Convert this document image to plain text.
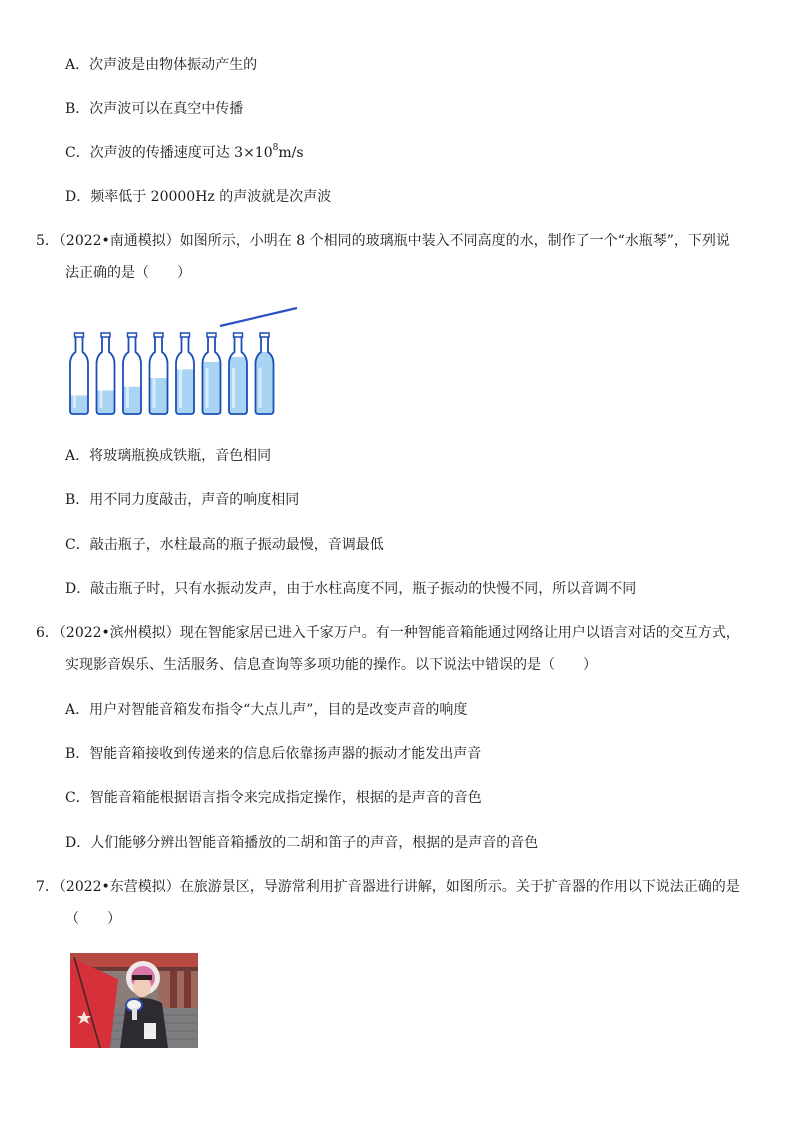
A．次声波是由物体振动产生的
B．次声波可以在真空中传播
C．次声波的传播速度可达 $3\times 10^8m/s$
D．频率低于 20000Hz 的声波就是次声波
5．（2022•南通模拟）如图所示，小明在 8 个相同的玻璃瓶中装入不同高度的水，制作了一个“水瓶琴”，下列说
法正确的是（　　）
A．将玻璃瓶换成铁瓶，音色相同
B．用不同力度敲击，声音的响度相同
C．敲击瓶子，水柱最高的瓶子振动最慢，音调最低
D．敲击瓶子时，只有水振动发声，由于水柱高度不同，瓶子振动的快慢不同，所以音调不同
6．（2022•滨州模拟）现在智能家居已进入千家万户。有一种智能音箱能通过网络让用户以语言对话的交互方式，
实现影音娱乐、生活服务、信息查询等多项功能的操作。以下说法中错误的是（　　）
A．用户对智能音箱发布指令“大点儿声”，目的是改变声音的响度
B．智能音箱接收到传递来的信息后依靠扬声器的振动才能发出声音
C．智能音箱能根据语言指令来完成指定操作，根据的是声音的音色
D．人们能够分辨出智能音箱播放的二胡和笛子的声音，根据的是声音的音色
7．（2022•东营模拟）在旅游景区，导游常利用扩音器进行讲解，如图所示。关于扩音器的作用以下说法正确的是
（　　）
